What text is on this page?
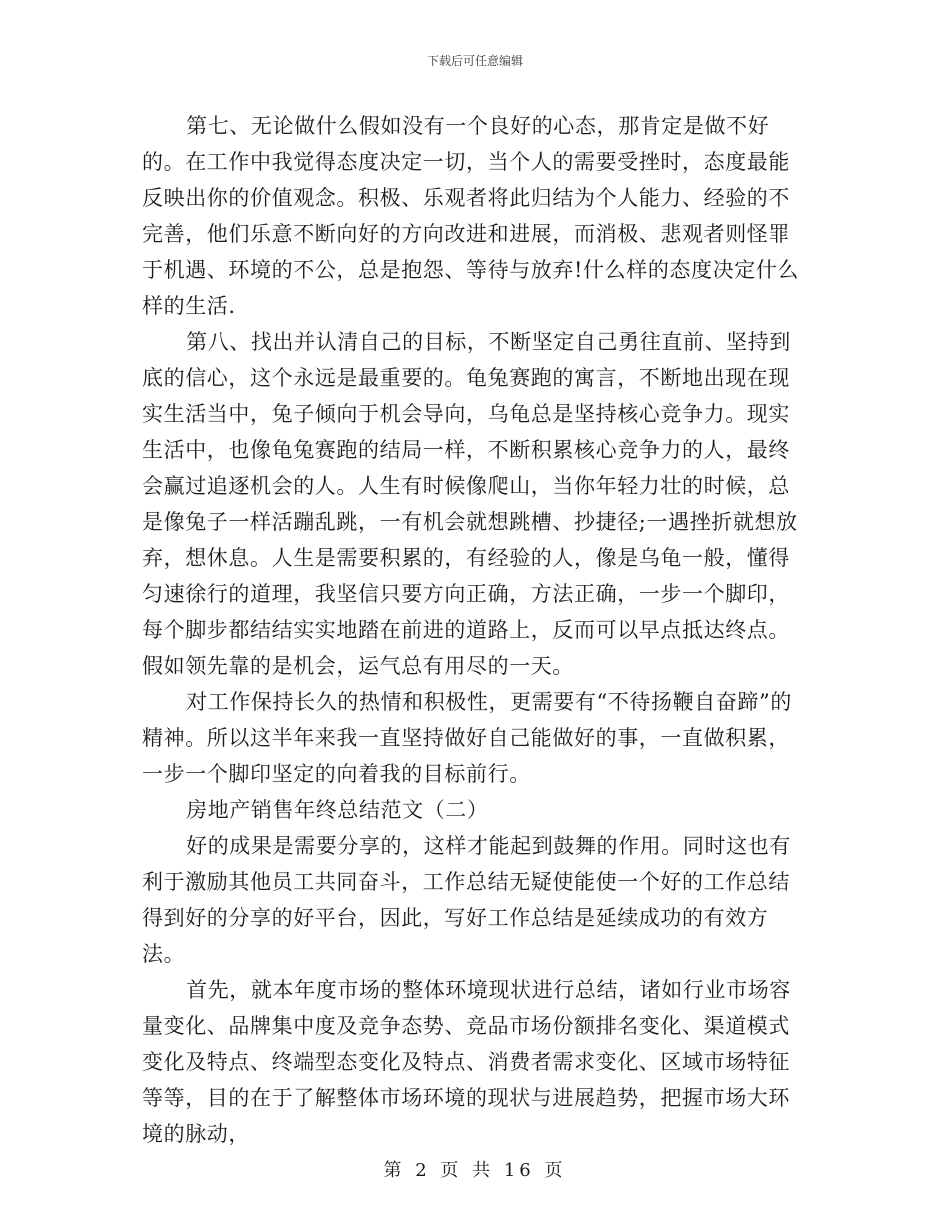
下载后可任意编辑

第七、无论做什么假如没有一个良好的心态，那肯定是做不好的。在工作中我觉得态度决定一切，当个人的需要受挫时，态度最能反映出你的价值观念。积极、乐观者将此归结为个人能力、经验的不完善，他们乐意不断向好的方向改进和进展，而消极、悲观者则怪罪于机遇、环境的不公，总是抱怨、等待与放弃!什么样的态度决定什么样的生活.

第八、找出并认清自己的目标，不断坚定自己勇往直前、坚持到底的信心，这个永远是最重要的。龟兔赛跑的寓言，不断地出现在现实生活当中，兔子倾向于机会导向，乌龟总是坚持核心竞争力。现实生活中，也像龟兔赛跑的结局一样，不断积累核心竞争力的人，最终会赢过追逐机会的人。人生有时候像爬山，当你年轻力壮的时候，总是像兔子一样活蹦乱跳，一有机会就想跳槽、抄捷径;一遇挫折就想放弃，想休息。人生是需要积累的，有经验的人，像是乌龟一般，懂得匀速徐行的道理，我坚信只要方向正确，方法正确，一步一个脚印，每个脚步都结结实实地踏在前进的道路上，反而可以早点抵达终点。假如领先靠的是机会，运气总有用尽的一天。

对工作保持长久的热情和积极性，更需要有“不待扬鞭自奋蹄”的精神。所以这半年来我一直坚持做好自己能做好的事，一直做积累，一步一个脚印坚定的向着我的目标前行。

房地产销售年终总结范文（二）

好的成果是需要分享的，这样才能起到鼓舞的作用。同时这也有利于激励其他员工共同奋斗，工作总结无疑使能使一个好的工作总结得到好的分享的好平台，因此，写好工作总结是延续成功的有效方法。

首先，就本年度市场的整体环境现状进行总结，诸如行业市场容量变化、品牌集中度及竞争态势、竞品市场份额排名变化、渠道模式变化及特点、终端型态变化及特点、消费者需求变化、区域市场特征等等，目的在于了解整体市场环境的现状与进展趋势，把握市场大环境的脉动，

第 2 页 共 16 页
